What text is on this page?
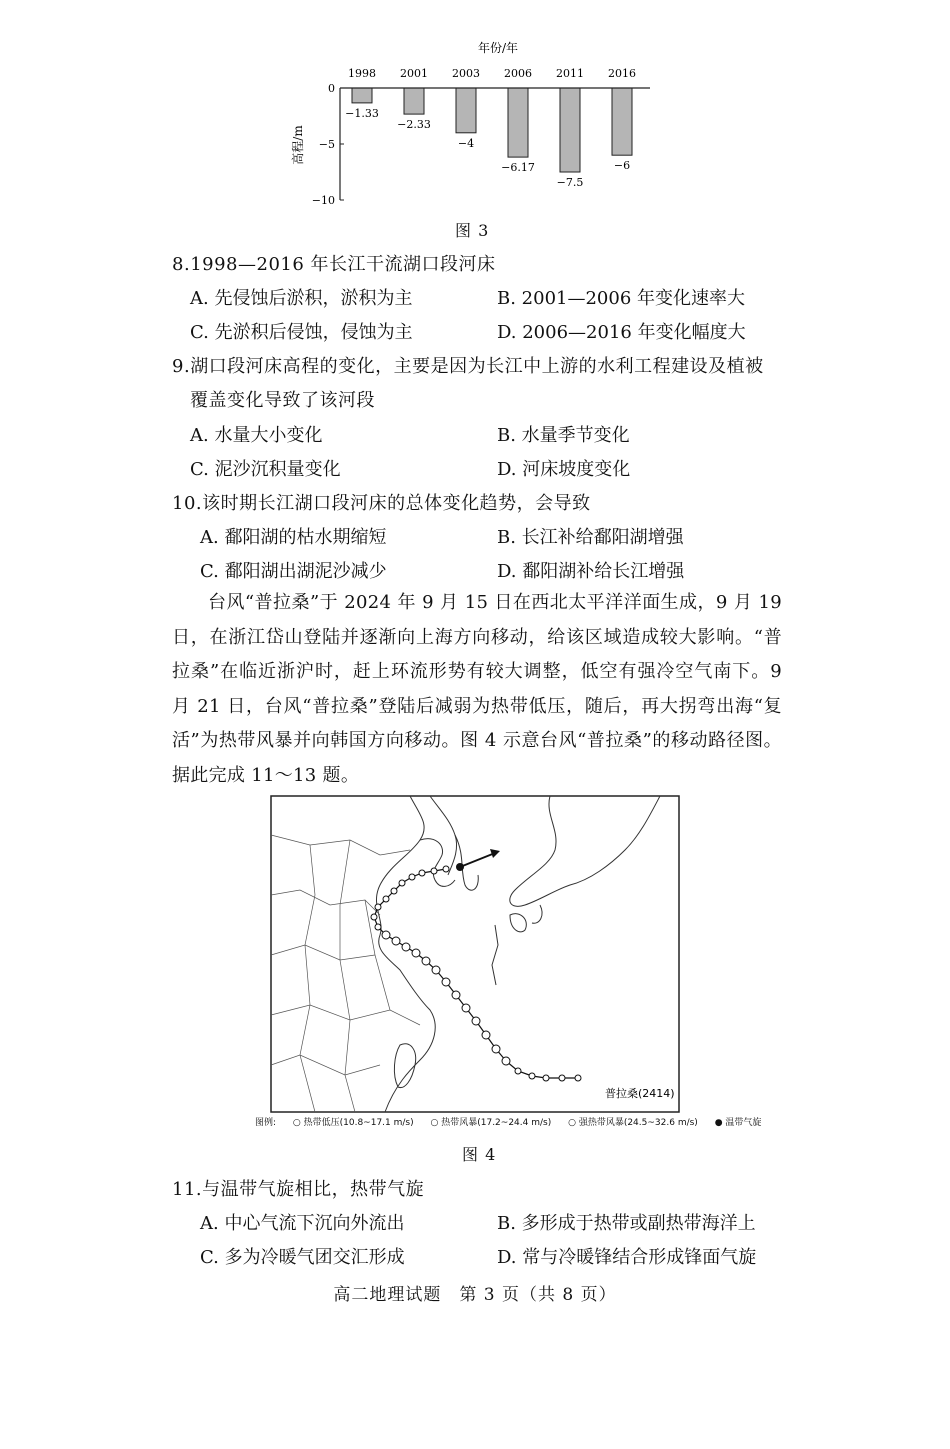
年份/年
1998 2001 2003 2006 2011 2016
0
−5
−10
−1.33
−2.33
−4
−6.17
−7.5
−6
高程/m
图 3
8.1998—2016 年长江干流湖口段河床
A. 先侵蚀后淤积，淤积为主	B. 2001—2006 年变化速率大
C. 先淤积后侵蚀，侵蚀为主	D. 2006—2016 年变化幅度大
9.湖口段河床高程的变化，主要是因为长江中上游的水利工程建设及植被
覆盖变化导致了该河段
A. 水量大小变化	B. 水量季节变化
C. 泥沙沉积量变化	D. 河床坡度变化
10.该时期长江湖口段河床的总体变化趋势，会导致
A. 鄱阳湖的枯水期缩短	B. 长江补给鄱阳湖增强
C. 鄱阳湖出湖泥沙减少	D. 鄱阳湖补给长江增强

台风“普拉桑”于 2024 年 9 月 15 日在西北太平洋洋面生成，9 月 19 日，在浙江岱山登陆并逐渐向上海方向移动，给该区域造成较大影响。“普拉桑”在临近浙沪时，赶上环流形势有较大调整，低空有强冷空气南下。9 月 21 日，台风“普拉桑”登陆后减弱为热带低压，随后，再大拐弯出海“复活”为热带风暴并向韩国方向移动。图 4 示意台风“普拉桑”的移动路径图。据此完成 11～13 题。

普拉桑(2414)
图例: ○ 热带低压(10.8~17.1 m/s) ○ 热带风暴(17.2~24.4 m/s) ○ 强热带风暴(24.5~32.6 m/s) ● 温带气旋
图 4
11.与温带气旋相比，热带气旋
A. 中心气流下沉向外流出	B. 多形成于热带或副热带海洋上
C. 多为冷暖气团交汇形成	D. 常与冷暖锋结合形成锋面气旋
高二地理试题　第 3 页（共 8 页）
